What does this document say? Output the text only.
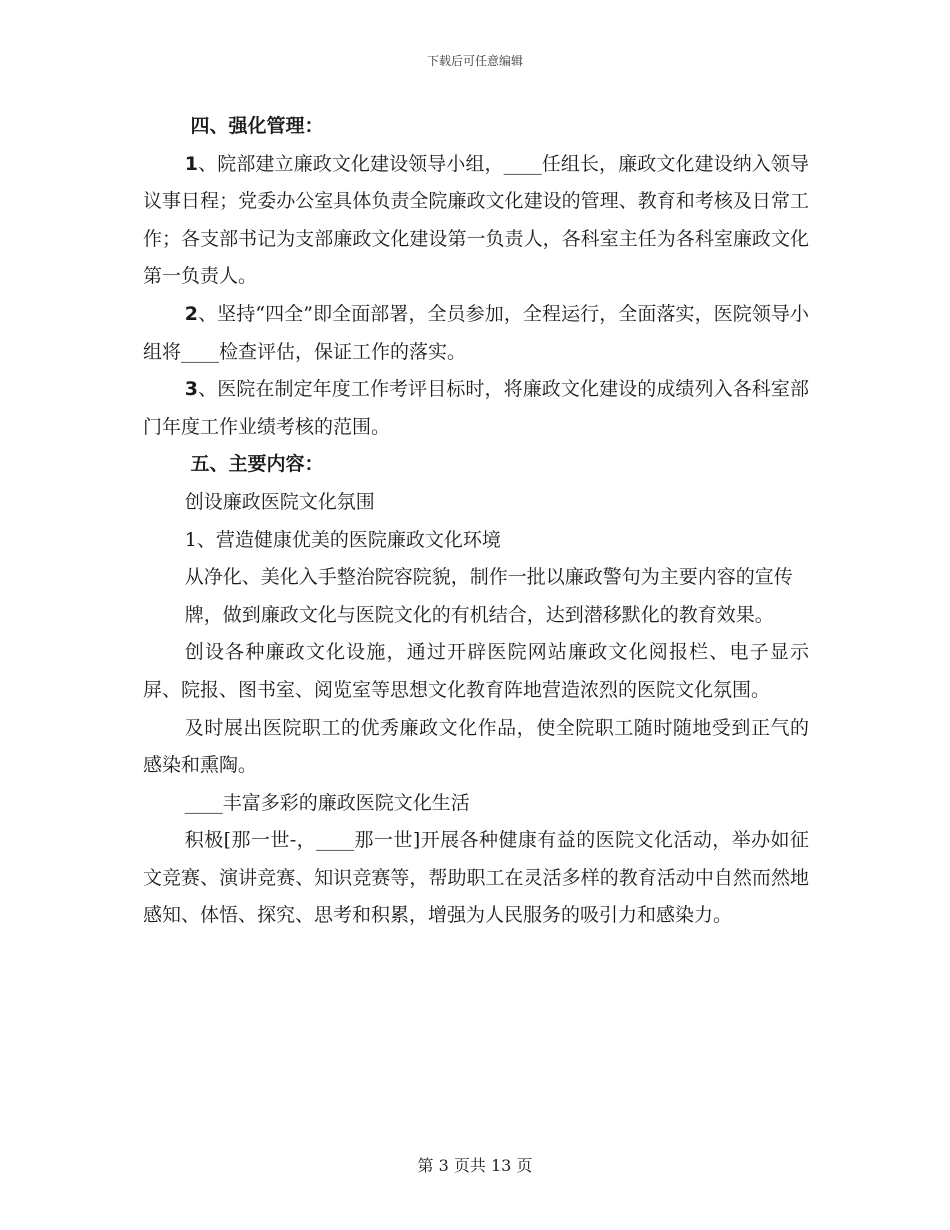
下载后可任意编辑
四、强化管理：

1、院部建立廉政文化建设领导小组，____任组长，廉政文化建设纳入领导议事日程；党委办公室具体负责全院廉政文化建设的管理、教育和考核及日常工作；各支部书记为支部廉政文化建设第一负责人，各科室主任为各科室廉政文化第一负责人。

2、坚持“四全”即全面部署，全员参加，全程运行，全面落实，医院领导小组将____检查评估，保证工作的落实。

3、医院在制定年度工作考评目标时，将廉政文化建设的成绩列入各科室部门年度工作业绩考核的范围。

五、主要内容：

创设廉政医院文化氛围

1、营造健康优美的医院廉政文化环境

从净化、美化入手整治院容院貌，制作一批以廉政警句为主要内容的宣传

牌，做到廉政文化与医院文化的有机结合，达到潜移默化的教育效果。

创设各种廉政文化设施，通过开辟医院网站廉政文化阅报栏、电子显示屏、院报、图书室、阅览室等思想文化教育阵地营造浓烈的医院文化氛围。

及时展出医院职工的优秀廉政文化作品，使全院职工随时随地受到正气的感染和熏陶。

____丰富多彩的廉政医院文化生活

积极[那一世-，____那一世]开展各种健康有益的医院文化活动，举办如征文竞赛、演讲竞赛、知识竞赛等，帮助职工在灵活多样的教育活动中自然而然地感知、体悟、探究、思考和积累，增强为人民服务的吸引力和感染力。

第 3 页共 13 页
